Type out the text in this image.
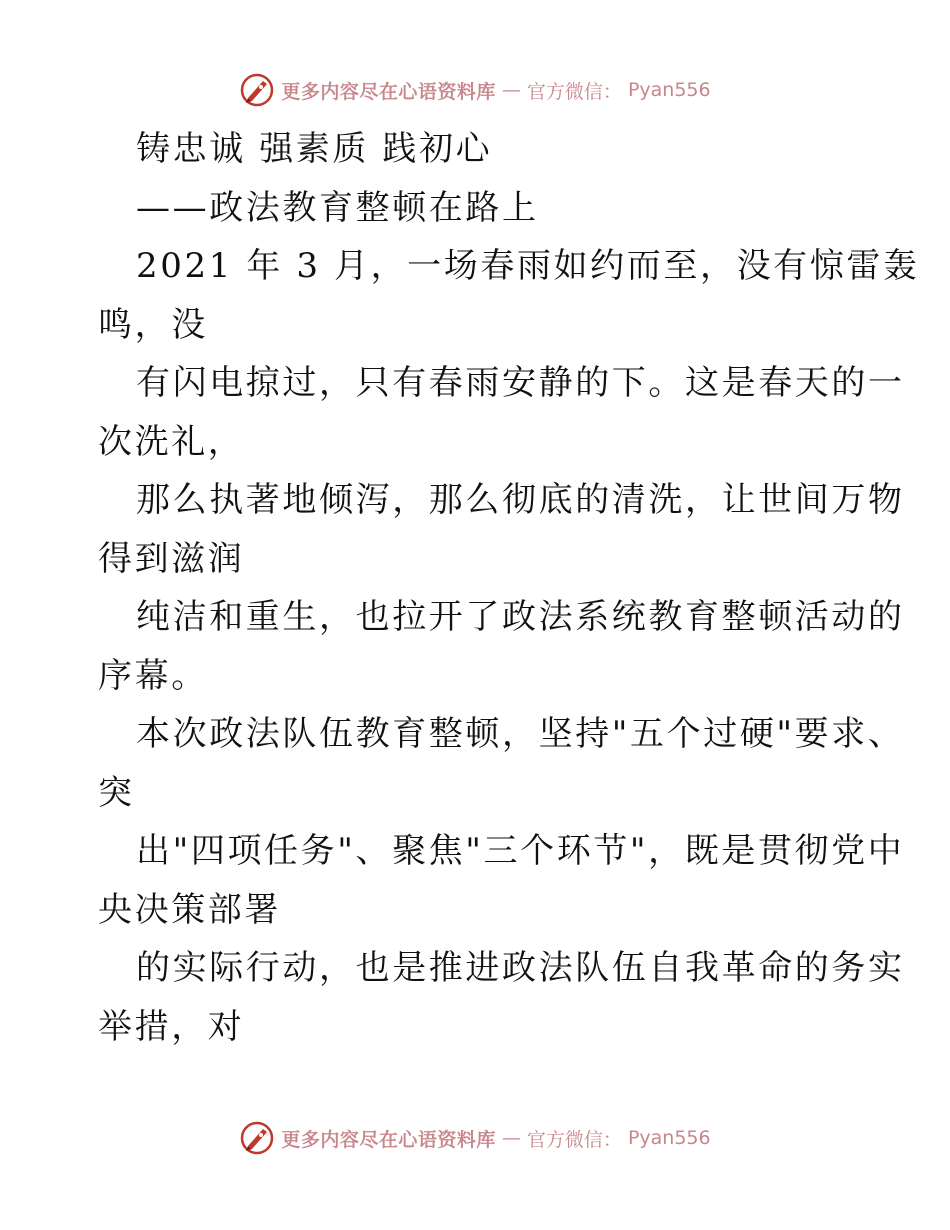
更多内容尽在心语资料库 — 官方微信： Pyan556
铸忠诚 强素质 践初心
——政法教育整顿在路上
2021 年 3 月，一场春雨如约而至，没有惊雷轰
鸣，没
有闪电掠过，只有春雨安静的下。这是春天的一
次洗礼，
那么执著地倾泻，那么彻底的清洗，让世间万物
得到滋润
纯洁和重生，也拉开了政法系统教育整顿活动的
序幕。
本次政法队伍教育整顿，坚持"五个过硬"要求、
突
出"四项任务"、聚焦"三个环节"，既是贯彻党中
央决策部署
的实际行动，也是推进政法队伍自我革命的务实
举措，对
更多内容尽在心语资料库 — 官方微信： Pyan556
